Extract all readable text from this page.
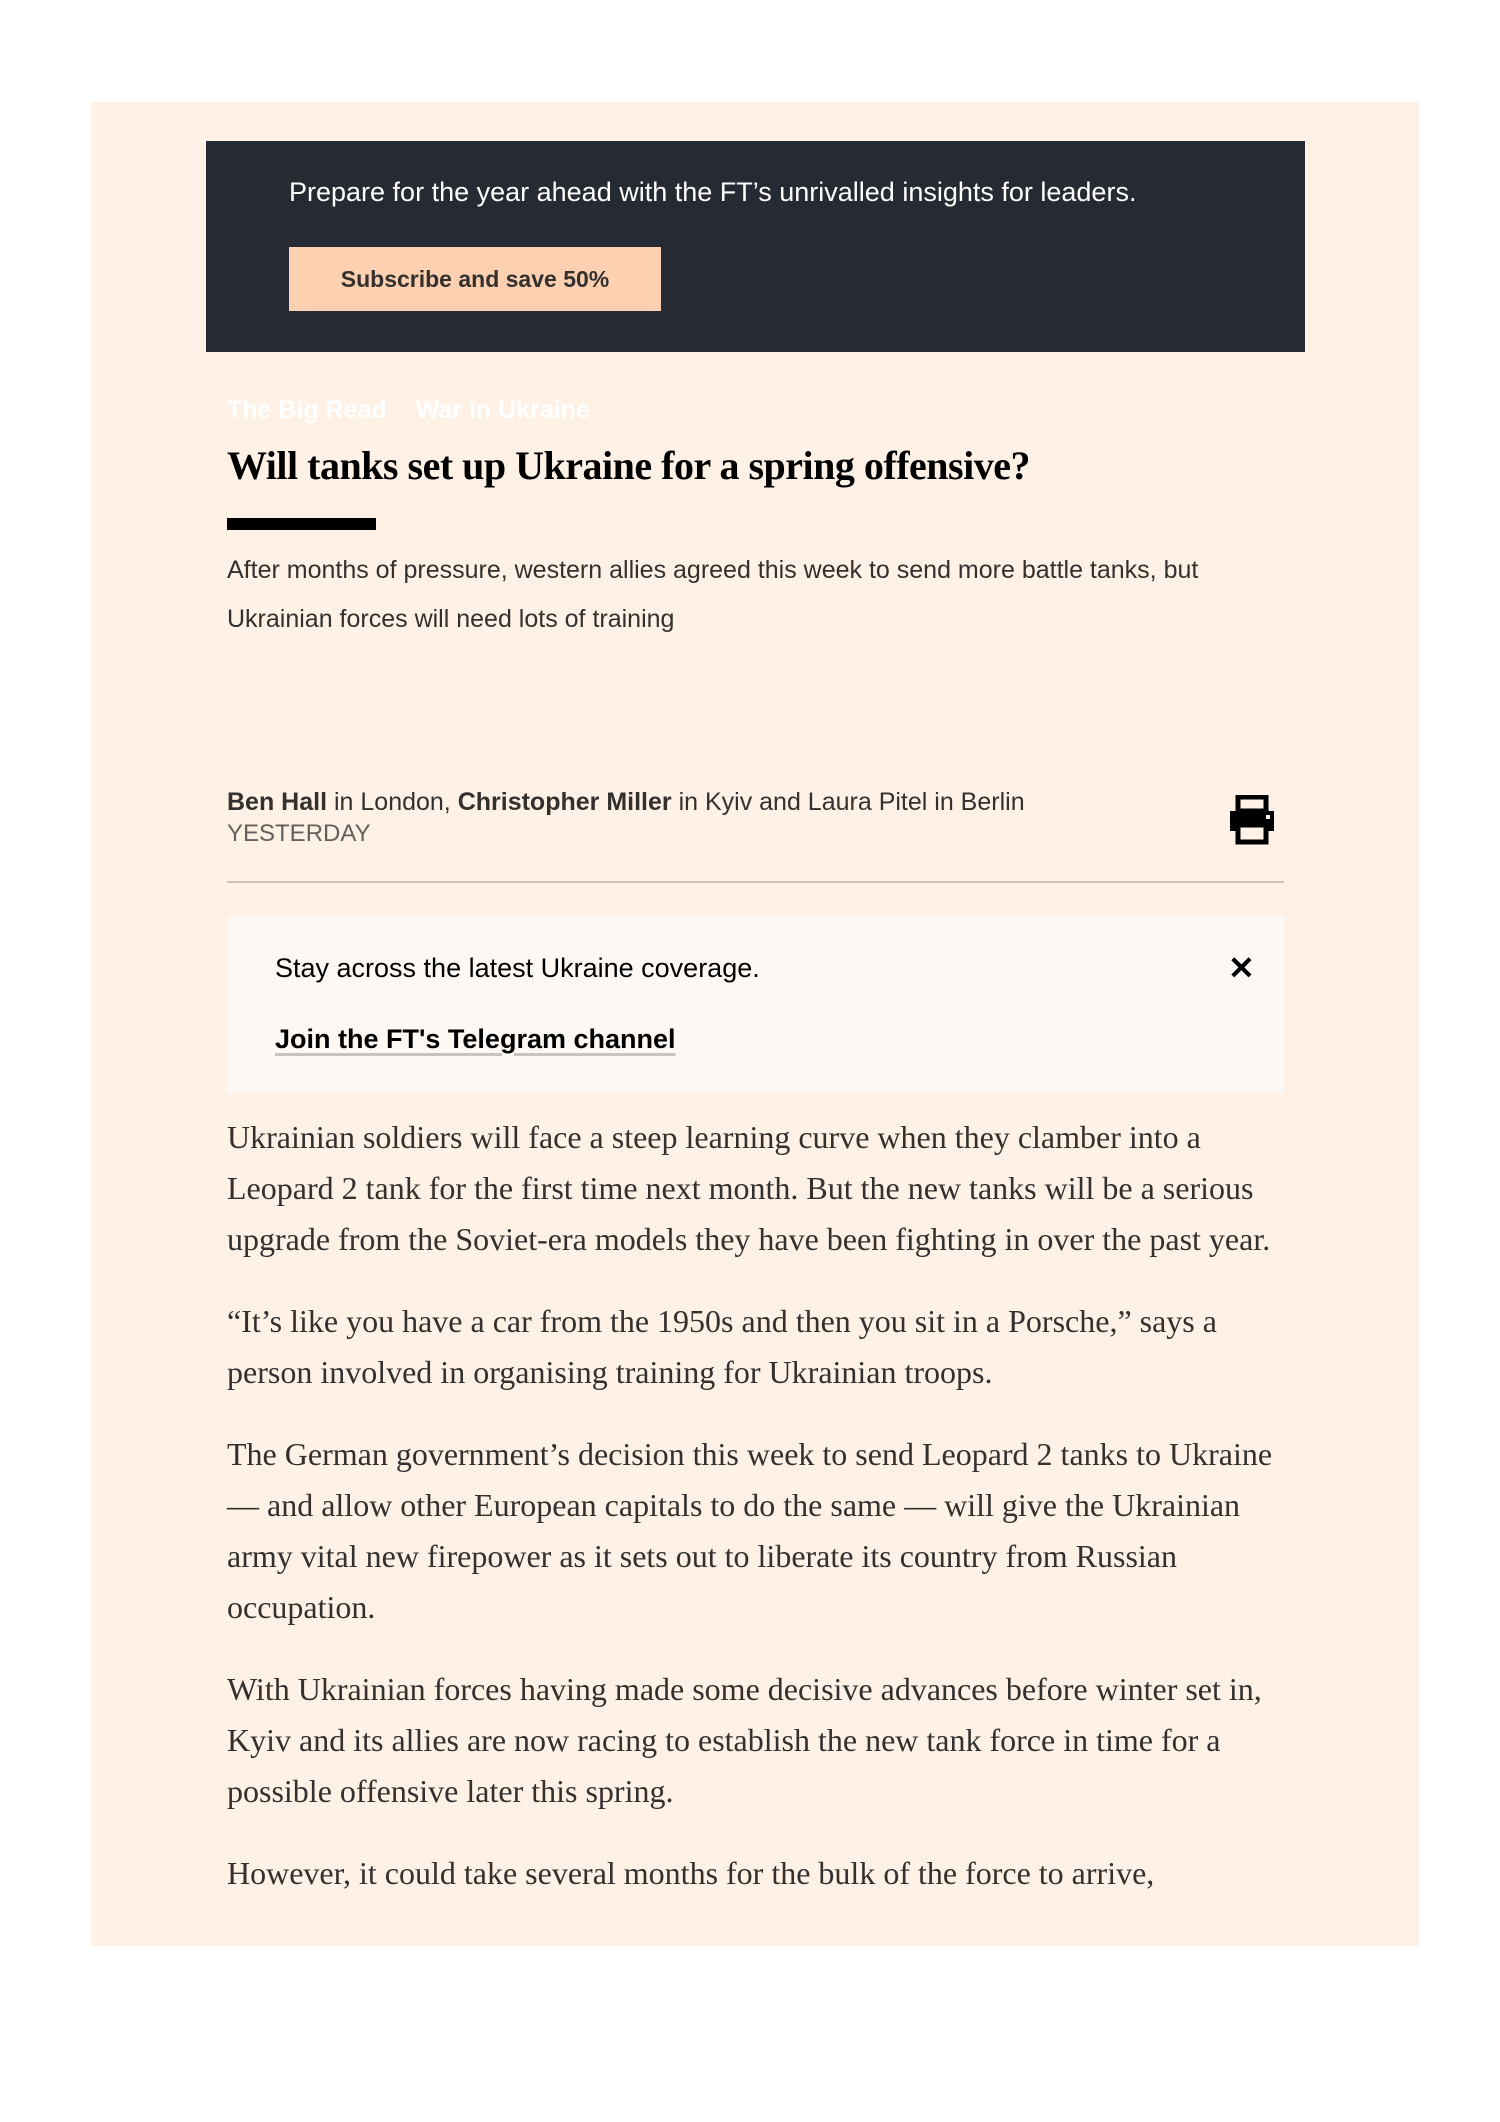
Prepare for the year ahead with the FT’s unrivalled insights for leaders.
Subscribe and save 50%
The Big Read War in Ukraine
Will tanks set up Ukraine for a spring offensive?

After months of pressure, western allies agreed this week to send more battle tanks, but Ukrainian forces will need lots of training

Ben Hall in London, Christopher Miller in Kyiv and Laura Pitel in Berlin
YESTERDAY
Stay across the latest Ukraine coverage.
Join the FT's Telegram channel
✕

Ukrainian soldiers will face a steep learning curve when they clamber into a Leopard 2 tank for the first time next month. But the new tanks will be a serious upgrade from the Soviet-era models they have been fighting in over the past year.

“It’s like you have a car from the 1950s and then you sit in a Porsche,” says a person involved in organising training for Ukrainian troops.

The German government’s decision this week to send Leopard 2 tanks to Ukraine — and allow other European capitals to do the same — will give the Ukrainian army vital new firepower as it sets out to liberate its country from Russian occupation.

With Ukrainian forces having made some decisive advances before winter set in, Kyiv and its allies are now racing to establish the new tank force in time for a possible offensive later this spring.

However, it could take several months for the bulk of the force to arrive,
